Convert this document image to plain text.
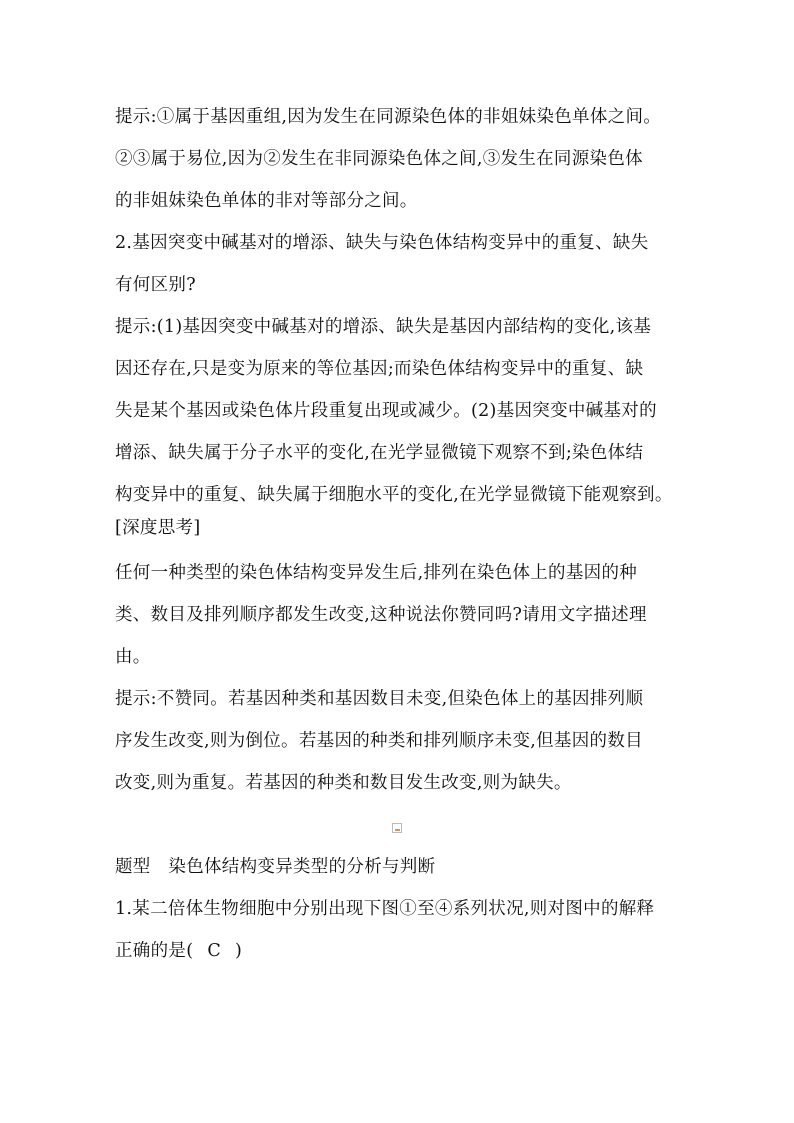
提示:①属于基因重组,因为发生在同源染色体的非姐妹染色单体之间。
②③属于易位,因为②发生在非同源染色体之间,③发生在同源染色体
的非姐妹染色单体的非对等部分之间。
2.基因突变中碱基对的增添、缺失与染色体结构变异中的重复、缺失
有何区别?
提示:(1)基因突变中碱基对的增添、缺失是基因内部结构的变化,该基
因还存在,只是变为原来的等位基因;而染色体结构变异中的重复、缺
失是某个基因或染色体片段重复出现或减少。(2)基因突变中碱基对的
增添、缺失属于分子水平的变化,在光学显微镜下观察不到;染色体结
构变异中的重复、缺失属于细胞水平的变化,在光学显微镜下能观察到。
[深度思考]
任何一种类型的染色体结构变异发生后,排列在染色体上的基因的种
类、数目及排列顺序都发生改变,这种说法你赞同吗?请用文字描述理
由。
提示:不赞同。若基因种类和基因数目未变,但染色体上的基因排列顺
序发生改变,则为倒位。若基因的种类和排列顺序未变,但基因的数目
改变,则为重复。若基因的种类和数目发生改变,则为缺失。
题型　染色体结构变异类型的分析与判断
1.某二倍体生物细胞中分别出现下图①至④系列状况,则对图中的解释
正确的是( C )
